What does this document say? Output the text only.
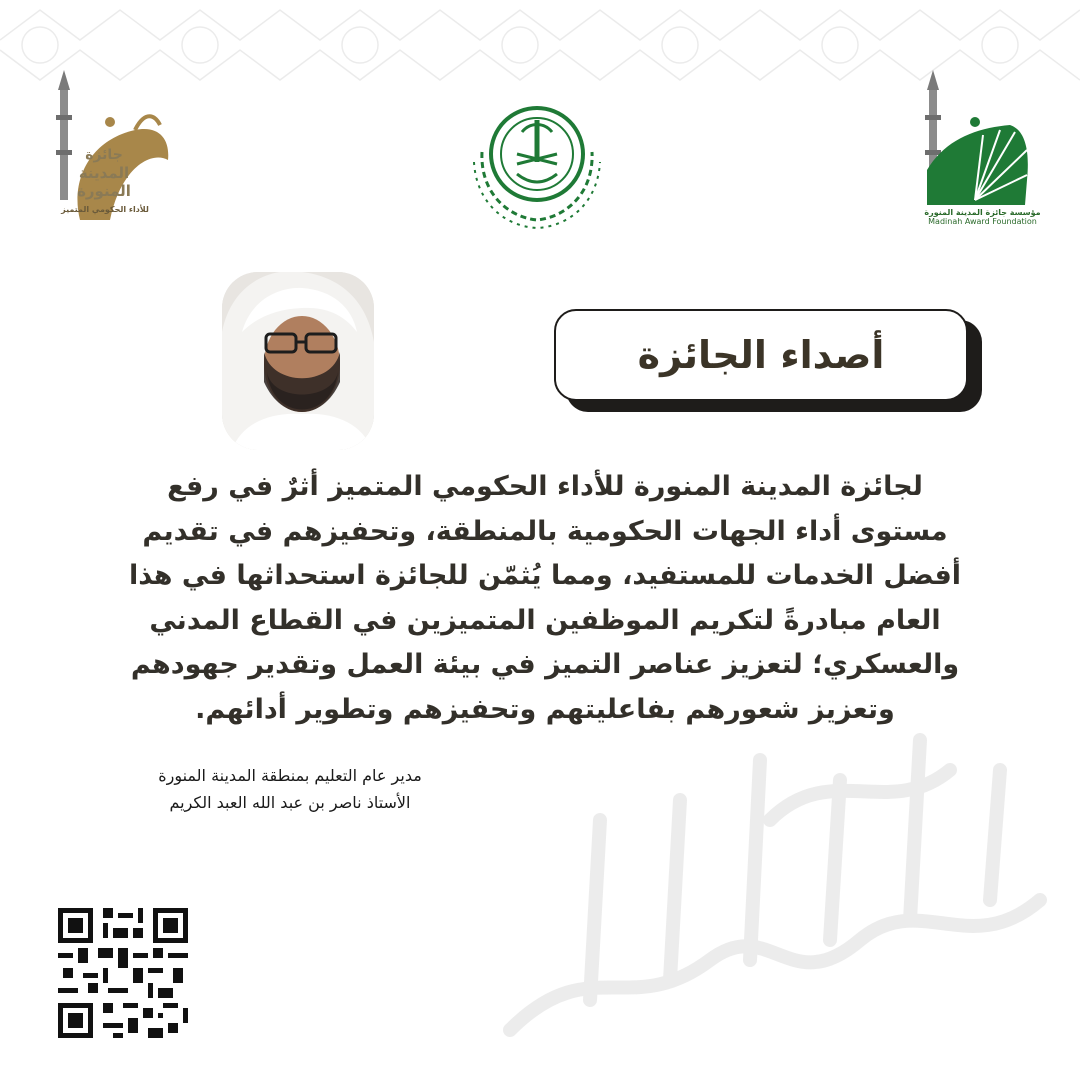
جائزة
المدينة
المنورة
للأداء الحكومي المتميز	مؤسسة جائزة المدينة المنورة
Madinah Award Foundation
أصداء الجائزة
لجائزة المدينة المنورة للأداء الحكومي المتميز أثرٌ في رفع
مستوى أداء الجهات الحكومية بالمنطقة، وتحفيزهم في تقديم
أفضل الخدمات للمستفيد، ومما يُثمّن للجائزة استحداثها في هذا
العام مبادرةً لتكريم الموظفين المتميزين في القطاع المدني
والعسكري؛ لتعزيز عناصر التميز في بيئة العمل وتقدير جهودهم
وتعزيز شعورهم بفاعليتهم وتحفيزهم وتطوير أدائهم.
مدير عام التعليم بمنطقة المدينة المنورة
الأستاذ ناصر بن عبد الله العبد الكريم
